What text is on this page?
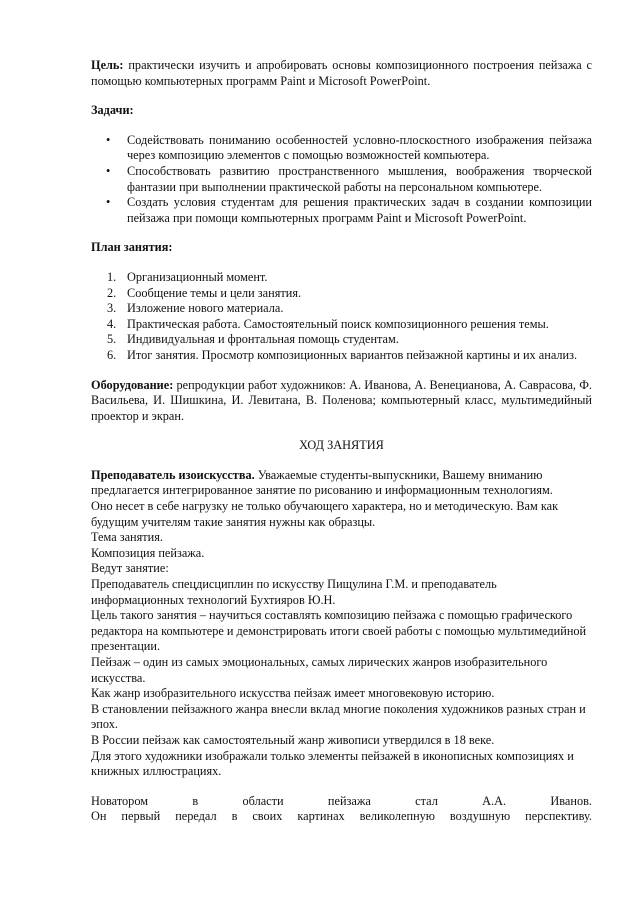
Цель: практически изучить и апробировать основы композиционного построения пейзажа с помощью компьютерных программ Paint и Microsoft PowerPoint.

Задачи:

• Содействовать пониманию особенностей условно-плоскостного изображения пейзажа через композицию элементов с помощью возможностей компьютера.
• Способствовать развитию пространственного мышления, воображения творческой фантазии при выполнении практической работы на персональном компьютере.
• Создать условия студентам для решения практических задач в создании композиции пейзажа при помощи компьютерных программ Paint и Microsoft PowerPoint.

План занятия:

1. Организационный момент.
2. Сообщение темы и цели занятия.
3. Изложение нового материала.
4. Практическая работа. Самостоятельный поиск композиционного решения темы.
5. Индивидуальная и фронтальная помощь студентам.
6. Итог занятия. Просмотр композиционных вариантов пейзажной картины и их анализ.

Оборудование: репродукции работ художников: А. Иванова, А. Венецианова, А. Саврасова, Ф. Васильева, И. Шишкина, И. Левитана, В. Поленова; компьютерный класс, мультимедийный проектор и экран.

ХОД ЗАНЯТИЯ

Преподаватель изоискусства. Уважаемые студенты-выпускники, Вашему вниманию предлагается интегрированное занятие по рисованию и информационным технологиям.

Оно несет в себе нагрузку не только обучающего характера, но и методическую. Вам как будущим учителям такие занятия нужны как образцы.

Тема занятия.

Композиция пейзажа.

Ведут занятие:

Преподаватель спецдисциплин по искусству Пищулина Г.М. и преподаватель информационных технологий Бухтияров Ю.Н.

Цель такого занятия – научиться составлять композицию пейзажа с помощью графического редактора на компьютере и демонстрировать итоги своей работы с помощью мультимедийной презентации.

Пейзаж – один из самых эмоциональных, самых лирических жанров изобразительного искусства.

Как жанр изобразительного искусства пейзаж имеет многовековую историю.

В становлении пейзажного жанра внесли вклад многие поколения художников разных стран и эпох.

В России пейзаж как самостоятельный жанр живописи утвердился в 18 веке.

Для этого художники изображали только элементы пейзажей в иконописных композициях и книжных иллюстрациях.

Новатором в области пейзажа стал А.А. Иванов.

Он первый передал в своих картинах великолепную воздушную перспективу.
